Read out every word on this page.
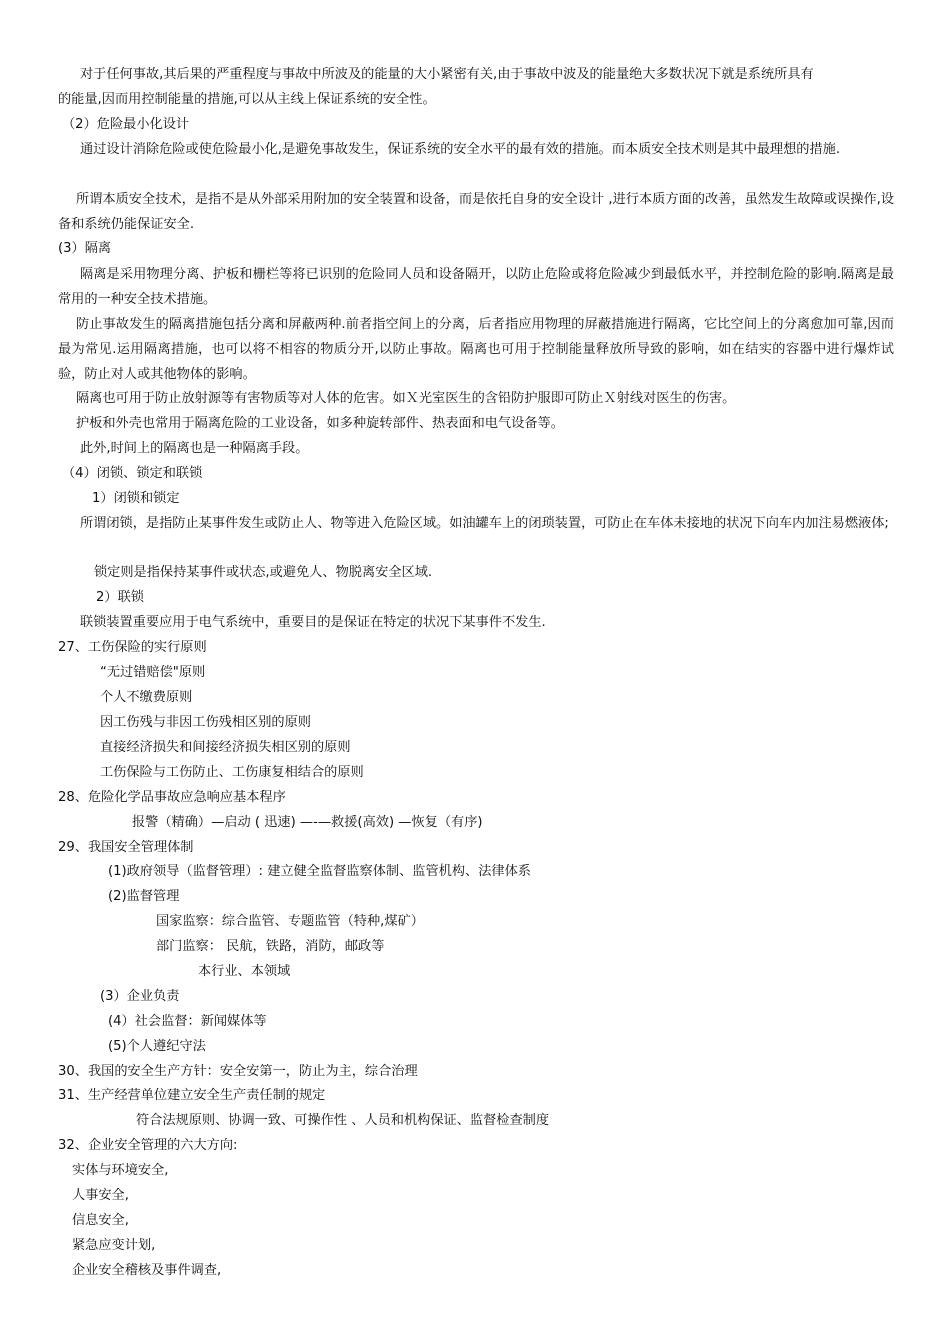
对于任何事故,其后果的严重程度与事故中所波及的能量的大小紧密有关,由于事故中波及的能量绝大多数状况下就是系统所具有
的能量,因而用控制能量的措施,可以从主线上保证系统的安全性。
（2）危险最小化设计
通过设计消除危险或使危险最小化,是避免事故发生，保证系统的安全水平的最有效的措施。而本质安全技术则是其中最理想的措施.
所谓本质安全技术，是指不是从外部采用附加的安全装置和设备，而是依托自身的安全设计 ,进行本质方面的改善，虽然发生故障或误操作,设备和系统仍能保证安全.
(3）隔离
隔离是采用物理分离、护板和栅栏等将已识别的危险同人员和设备隔开，以防止危险或将危险减少到最低水平，并控制危险的影响.隔离是最常用的一种安全技术措施。
防止事故发生的隔离措施包括分离和屏蔽两种.前者指空间上的分离，后者指应用物理的屏蔽措施进行隔离，它比空间上的分离愈加可靠,因而最为常见.运用隔离措施，也可以将不相容的物质分开,以防止事故。隔离也可用于控制能量释放所导致的影响，如在结实的容器中进行爆炸试验，防止对人或其他物体的影响。
隔离也可用于防止放射源等有害物质等对人体的危害。如Ｘ光室医生的含铅防护服即可防止Ｘ射线对医生的伤害。
护板和外壳也常用于隔离危险的工业设备，如多种旋转部件、热表面和电气设备等。
此外,时间上的隔离也是一种隔离手段。
（4）闭锁、锁定和联锁
1）闭锁和锁定
所谓闭锁，是指防止某事件发生或防止人、物等进入危险区域。如油罐车上的闭琐装置，可防止在车体未接地的状况下向车内加注易燃液体;
锁定则是指保持某事件或状态,或避免人、物脱离安全区域.
2）联锁
联锁装置重要应用于电气系统中，重要目的是保证在特定的状况下某事件不发生.
27、工伤保险的实行原则
“无过错赔偿"原则
个人不缴费原则
因工伤残与非因工伤残相区别的原则
直接经济损失和间接经济损失相区别的原则
工伤保险与工伤防止、工伤康复相结合的原则
28、危险化学品事故应急响应基本程序
报警（精确）—启动 ( 迅速) —-—救援(高效) —恢复（有序)
29、我国安全管理体制
(1)政府领导（监督管理）: 建立健全监督监察体制、监管机构、法律体系
(2)监督管理
国家监察：综合监管、专题监管（特种,煤矿）
部门监察： 民航，铁路，消防，邮政等
本行业、本领域
(3）企业负责
(4）社会监督：新闻媒体等
(5)个人遵纪守法
30、我国的安全生产方针：安全安第一，防止为主，综合治理
31、生产经营单位建立安全生产责任制的规定
符合法规原则、协调一致、可操作性 、人员和机构保证、监督检查制度
32、企业安全管理的六大方向:
实体与环境安全,
人事安全,
信息安全,
紧急应变计划,
企业安全稽核及事件调查,
